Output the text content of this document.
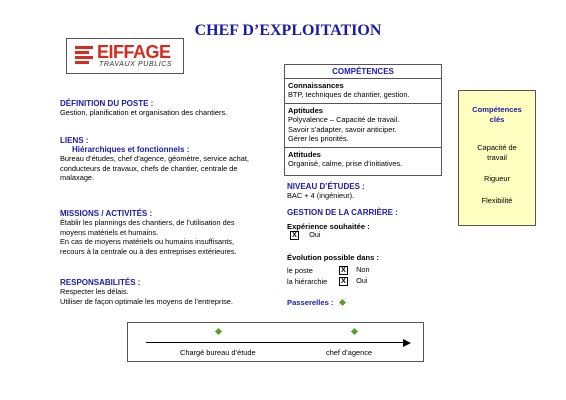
CHEF D’EXPLOITATION
EIFFAGE
TRAVAUX PUBLICS
DÉFINITION DU POSTE :
Gestion, planification et organisation des chantiers.
LIENS :
Hiérarchiques et fonctionnels :
Bureau d’études, chef d’agence, géomètre, service achat,
conducteurs de travaux, chefs de chantier, centrale de
malaxage.
MISSIONS / ACTIVITÉS :
Établir les plannings des chantiers, de l’utilisation des
moyens matériels et humains.
En cas de moyens matériels ou humains insuffisants,
recours à la centrale ou à des entreprises extérieures.
RESPONSABILITÉS :
Respecter les délais.
Utiliser de façon optimale les moyens de l’entreprise.
COMPÉTENCES
Connaissances
BTP, techniques de chantier, gestion.
Aptitudes
Polyvalence – Capacité de travail.
Savoir s’adapter, savoir anticiper.
Gérer les priorités.
Attitudes
Organisé, calme, prise d’initiatives.
NIVEAU D’ÉTUDES :
BAC + 4 (ingénieur).
GESTION DE LA CARRIÈRE :
Expérience souhaitée :
X Oui
Évolution possible dans :
le poste	X Non
la hiérarchie	X Oui
Passerelles :
Compétences
clés
Capacité de
travail
Rigueur
Flexibilité
Chargé bureau d’étude	chef d’agence
